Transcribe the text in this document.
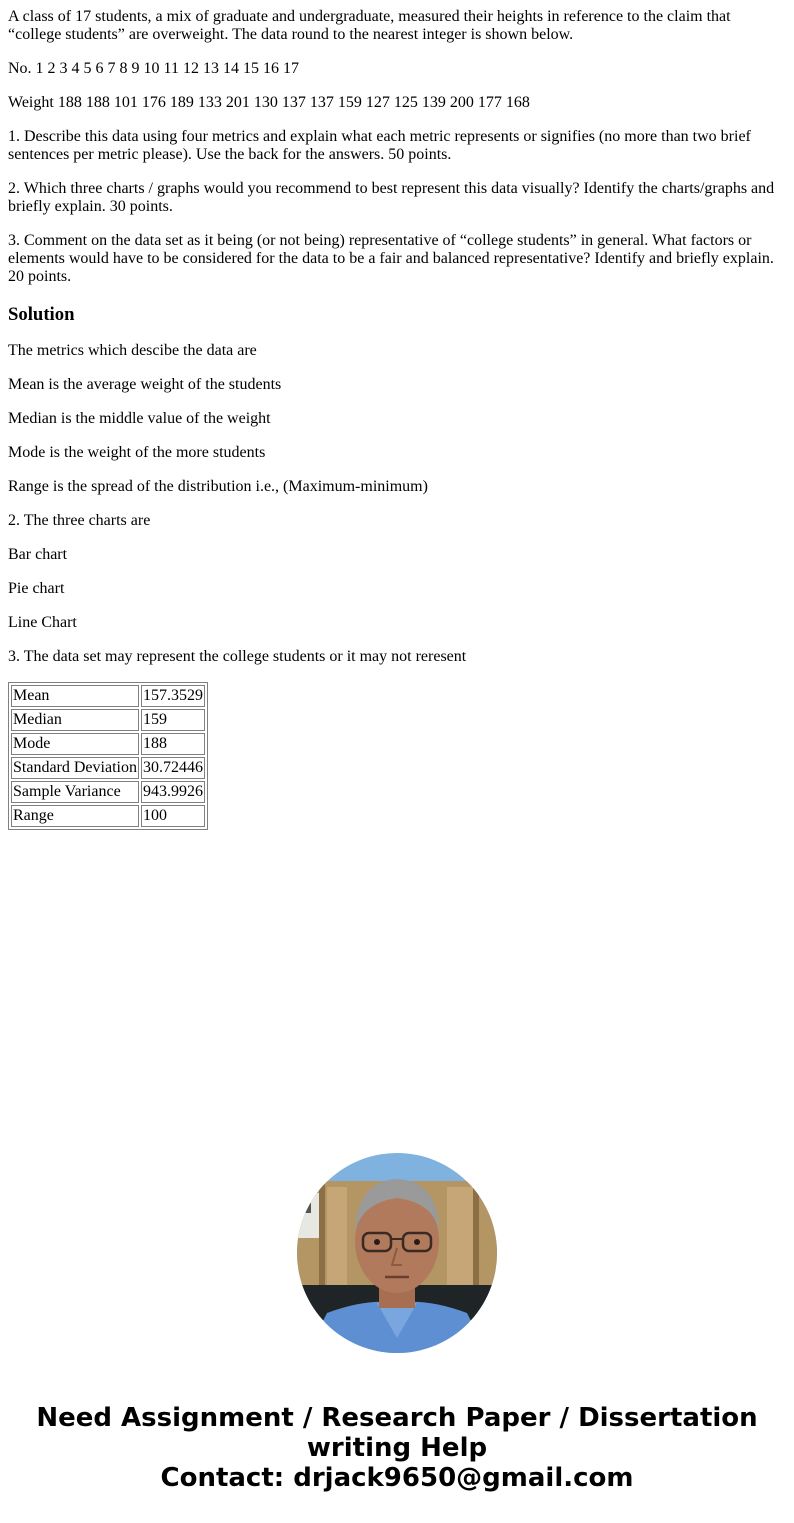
A class of 17 students, a mix of graduate and undergraduate, measured their heights in reference to the claim that “college students” are overweight. The data round to the nearest integer is shown below.

No. 1 2 3 4 5 6 7 8 9 10 11 12 13 14 15 16 17

Weight 188 188 101 176 189 133 201 130 137 137 159 127 125 139 200 177 168

1. Describe this data using four metrics and explain what each metric represents or signifies (no more than two brief sentences per metric please). Use the back for the answers. 50 points.

2. Which three charts / graphs would you recommend to best represent this data visually? Identify the charts/graphs and briefly explain. 30 points.

3. Comment on the data set as it being (or not being) representative of “college students” in general. What factors or elements would have to be considered for the data to be a fair and balanced representative? Identify and briefly explain. 20 points.

Solution

The metrics which descibe the data are

Mean is the average weight of the students

Median is the middle value of the weight

Mode is the weight of the more students

Range is the spread of the distribution i.e., (Maximum-minimum)

2. The three charts are

Bar chart

Pie chart

Line Chart

3. The data set may represent the college students or it may not reresent

Mean	157.3529
Median	159
Mode	188
Standard Deviation	30.72446
Sample Variance	943.9926
Range	100
Need Assignment / Research Paper / Dissertation
writing Help
Contact: drjack9650@gmail.com
